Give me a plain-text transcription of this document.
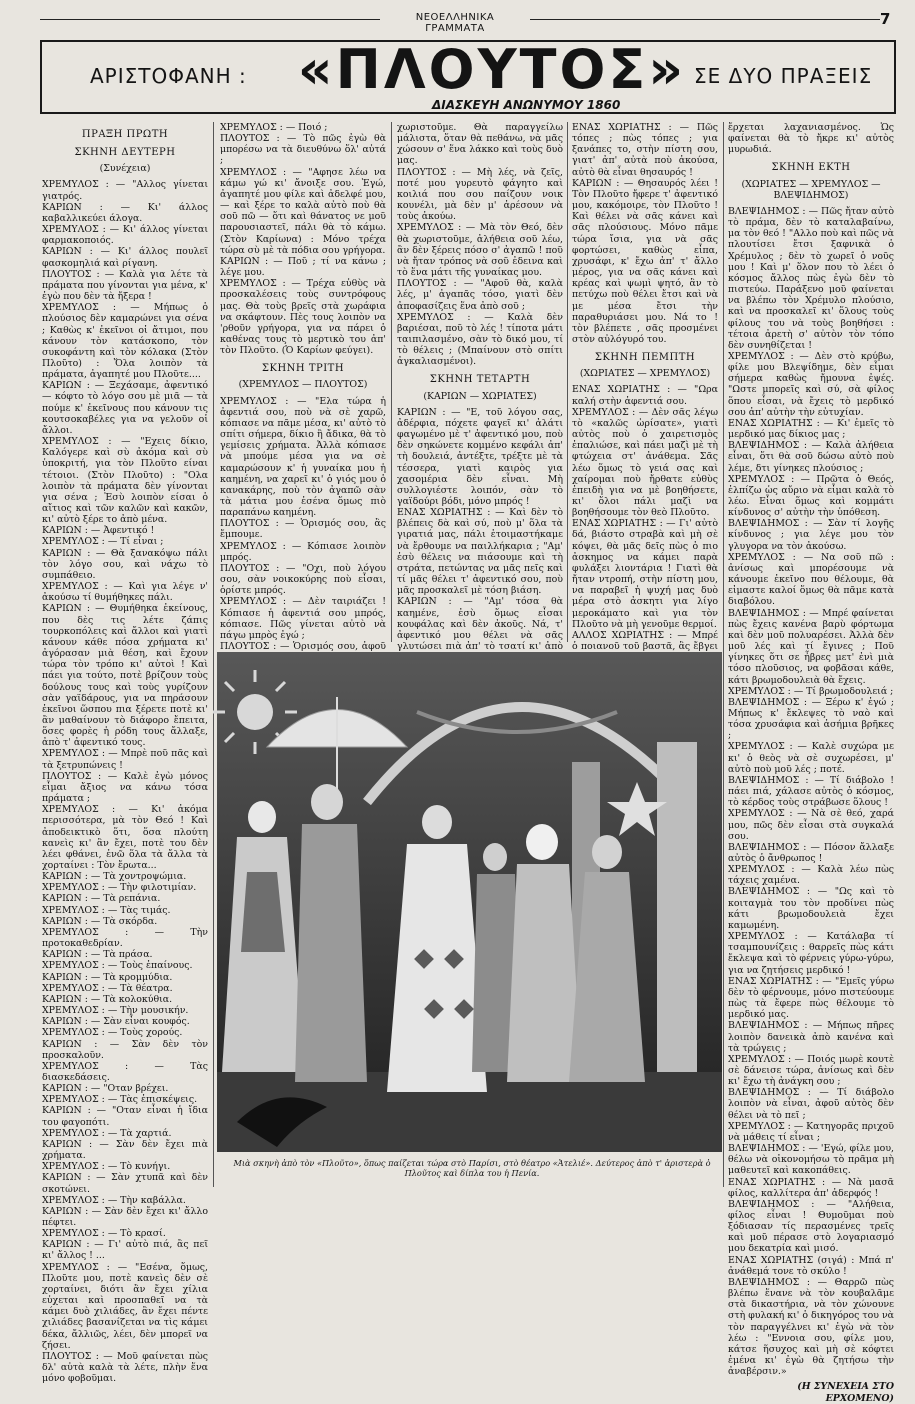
ΝΕΟΕΛΛΗΝΙΚΑ ΓΡΑΜΜΑΤΑ
7
ΑΡΙΣΤΟΦΑΝΗ : «ΠΛΟΥΤΟΣ» ΣΕ ΔΥΟ ΠΡΑΞΕΙΣ
ΔΙΑΣΚΕΥΗ ΑΝΩΝΥΜΟΥ 1860
ΠΡΑΞΗ ΠΡΩΤΗ
ΣΚΗΝΗ ΔΕΥΤΕΡΗ
(Συνέχεια)

ΧΡΕΜΥΛΟΣ : — "Αλλος γίνεται γιατρός.

ΚΑΡΙΩΝ : — Κι' άλλος καβαλλικεύει άλογα.

ΧΡΕΜΥΛΟΣ : — Κι' άλλος γίνεται φαρμακοποιός.

ΚΑΡΙΩΝ : — Κι' άλλος πουλεῖ φασκομηλιά καὶ ρίγανη.

ΠΛΟΥΤΟΣ : — Καλὰ για λέτε τὰ πράματα που γίνονται για μένα, κ' ἐγὼ που δὲν τὰ ἤξερα !

ΧΡΕΜΥΛΟΣ : — Μήπως ὁ πλούσιος δὲν καμαρώνει για σένα ; Καθὼς κ' ἐκεῖνοι οἱ ἄτιμοι, που κάνουν τὸν κατάσκοπο, τὸν συκοφάντη καὶ τὸν κόλακα (Στὸν Πλοῦτο) : Ὅλα λοιπὸν τὰ πράματα, ἀγαπητέ μου Πλοῦτε....

ΚΑΡΙΩΝ : — Ξεχάσαμε, ἀφεντικό — κόφτο τὸ λόγο σου μὲ μιᾶ — τὰ πούμε κ' ἐκεῖνους που κάνουν τις κουτσοκαβέλες για να γελοῦν οἱ ἄλλοι.

ΧΡΕΜΥΛΟΣ : — "Εχεις δίκιο, Καλόγερε καὶ σὺ ἀκόμα καὶ σὺ ὑποκριτή, για τὸν Πλοῦτο είναι τέτοιοι. (Στὸν Πλοῦτο) : "Ολα λοιπὸν τὰ πράματα δὲν γίνονται για σένα ; Ἐσὺ λοιπὸν είσαι ὁ αἴτιος καὶ τῶν καλῶν καὶ κακῶν, κι' αὐτὸ ξέρε το ἀπὸ μένα.

ΚΑΡΙΩΝ : — Ἀφεντικό !

ΧΡΕΜΥΛΟΣ : — Τί εἶναι ;

ΚΑΡΙΩΝ : — Θὰ ξανακόψω πάλι τὸν λόγο σου, καὶ νάχω τὸ συμπάθειο.

ΧΡΕΜΥΛΟΣ : — Καὶ για λέγε ν' ἀκούσω τί θυμήθηκες πάλι.

ΚΑΡΙΩΝ : — Θυμήθηκα ἐκείνους, που δὲς τις λέτε ζάπις τουρκοπόλεις καὶ ἄλλοι καὶ γιατὶ κάνουν κάθε πόσα χρήματα κι' ἀγόρασαν μιὰ θέση, καὶ ἔχουν τώρα τὸν τρόπο κι' αὐτοὶ ! Καὶ πάει για τούτο, ποτὲ βρίζουν τοὺς δούλους τους καὶ τοὺς γυρίζουν σὰν γαϊδάρους, για να πηράσουν ἐκεῖνοι ὥσπου πια ξέρετε ποτὲ κι' ἂν μαθαίνουν τὸ διάφορο ἔπειτα, ὅσες φορὲς ἡ ρόδη τους ἄλλαξε, ἀπὸ τ' ἀφεντικό τους.

ΧΡΕΜΥΛΟΣ : — Μπρὲ ποῦ πᾶς καὶ τὰ ξετρυπώνεις !

ΠΛΟΥΤΟΣ : — Καλὲ ἐγὼ μόνος εἶμαι ἄξιος να κάνω τόσα πράματα ;

ΧΡΕΜΥΛΟΣ : — Κι' ἀκόμα περισσότερα, μὰ τὸν Θεό ! Καὶ ἀποδεικτικὸ ὅτι, ὅσα πλούτη κανεὶς κι' ἂν ἔχει, ποτὲ του δὲν λέει φθάνει, ἐνῶ ὅλα τὰ ἄλλα τὰ χορταίνει : Τὸν ἔρωτα...

ΚΑΡΙΩΝ : — Τὰ χοντροψώμια.

ΧΡΕΜΥΛΟΣ : — Τὴν φιλοτιμίαν.

ΚΑΡΙΩΝ : — Τὰ ρεπάνια.

ΧΡΕΜΥΛΟΣ : — Τὰς τιμάς.

ΚΑΡΙΩΝ : — Τὰ σκόρδα.

ΧΡΕΜΥΛΟΣ : — Τὴν προτοκαθεδρίαν.

ΚΑΡΙΩΝ : — Τὰ πράσα.

ΧΡΕΜΥΛΟΣ : — Τοὺς ἐπαίνους.

ΚΑΡΙΩΝ : — Τὰ κρομμύδια.

ΧΡΕΜΥΛΟΣ : — Τὰ θέατρα.

ΚΑΡΙΩΝ : — Τὰ κολοκύθια.

ΧΡΕΜΥΛΟΣ : — Τὴν μουσικήν.

ΚΑΡΙΩΝ : — Σὰν εἶναι κουφός.

ΧΡΕΜΥΛΟΣ : — Τοὺς χορούς.

ΚΑΡΙΩΝ : — Σὰν δὲν τὸν προσκαλοῦν.

ΧΡΕΜΥΛΟΣ : — Τὰς διασκεδάσεις.

ΚΑΡΙΩΝ : — "Οταν βρέχει.

ΧΡΕΜΥΛΟΣ : — Τὰς ἐπισκέψεις.

ΚΑΡΙΩΝ : — "Οταν εἶναι ἡ ἴδια του φαγοπότι.

ΧΡΕΜΥΛΟΣ : — Τὰ χαρτιά.

ΚΑΡΙΩΝ : — Σὰν δὲν ἔχει πιὰ χρήματα.

ΧΡΕΜΥΛΟΣ : — Τὸ κυνήγι.

ΚΑΡΙΩΝ : — Σὰν χτυπᾶ καὶ δὲν σκοτώνει.

ΧΡΕΜΥΛΟΣ : — Τὴν καβάλλα.

ΚΑΡΙΩΝ : — Σὰν δὲν ἔχει κι' ἄλλο πέφτει.

ΧΡΕΜΥΛΟΣ : — Τὸ κρασί.

ΚΑΡΙΩΝ : — Γι' αὐτὸ πιά, ἂς πεῖ κι' ἄλλος ! ...

ΧΡΕΜΥΛΟΣ : — "Εσένα, ὅμως, Πλοῦτε μου, ποτὲ κανεὶς δὲν σὲ χορταίνει, διότι ἂν ἔχει χίλια εὐχεται καὶ προσπαθεῖ να τὰ κάμει δυὸ χιλιάδες, ἂν ἔχει πέντε χιλιάδες βασανίζεται να τὶς κάμει δέκα, ἄλλιῶς, λέει, δὲν μπορεῖ να ζήσει.

ΠΛΟΥΤΟΣ : — Μοῦ φαίνεται πὼς δλ' αὐτὰ καλὰ τὰ λέτε, πλὴν ἕνα μόνο φοβοῦμαι.

ΧΡΕΜΥΛΟΣ : — Ποιό ;

ΠΛΟΥΤΟΣ : — Τὸ πῶς ἐγὼ θὰ μπορέσω να τὰ διευθύνω ὅλ' αὐτά ;

ΧΡΕΜΥΛΟΣ : — "Αφησε λέω να κάμω γώ κι' ἄνοιξε σου. Ἐγώ, ἀγαπητέ μου φίλε καὶ ἀδελφέ μου, — καὶ ξέρε το καλὰ αὐτὸ ποὺ θὰ σοῦ πῶ — ὅτι καὶ θάνατος νε μοῦ παρουσιαστεῖ, πάλι θὰ τὸ κάμω. (Στὸν Καρίωνα) : Μόνο τρέχα τώρα σὺ μὲ τὰ πόδια σου γρήγορα.

ΚΑΡΙΩΝ : — Ποῦ ; τί να κάνω ; λέγε μου.

ΧΡΕΜΥΛΟΣ : — Τρέχα εὐθὺς νὰ προσκαλέσεις τοὺς συντρόφους μας. Θὰ τοὺς βρεῖς στὰ χωράφια να σκάφτουν. Πὲς τους λοιπὸν να 'ρθοῦν γρήγορα, για να πάρει ὁ καθένας τους τὸ μερτικὸ του ἀπ' τὸν Πλοῦτο. (Ὁ Καρίων φεύγει).

ΣΚΗΝΗ ΤΡΙΤΗ
(ΧΡΕΜΥΛΟΣ — ΠΛΟΥΤΟΣ)

ΧΡΕΜΥΛΟΣ : — "Ελα τώρα ἡ ἀφεντιά σου, ποὺ νὰ σὲ χαρῶ, κόπιασε να πᾶμε μέσα, κι' αὐτὸ τὸ σπίτι σήμερα, δίκιο ἢ ἄδικα, θὰ τὸ γεμίσεις χρήματα. Ἀλλὰ κόπιασε νὰ μπούμε μέσα για να σὲ καμαρώσουν κ' ἡ γυναίκα μου ἡ καημένη, να χαρεῖ κι' ὁ γιός μου ὁ κανακάρης, ποὺ τὸν ἀγαπῶ σὰν τὰ μάτια μου ἐσένα ὅμως πιὸ παραπάνω καημένη.

ΠΛΟΥΤΟΣ : — Ὁρισμός σου, ἂς ἔμπουμε.

ΧΡΕΜΥΛΟΣ : — Κόπιασε λοιπὸν μπρός.

ΠΛΟΥΤΟΣ : — "Οχι, ποὺ λόγου σου, σὰν νοικοκύρης ποὺ εἶσαι, ὁρίστε μπρός.

ΧΡΕΜΥΛΟΣ : — Δὲν ταιριάζει ! Κόπιασε ἡ ἀφεντιά σου μπρός, κόπιασε. Πῶς γίνεται αὐτὸ νὰ πάγω μπρὸς ἐγώ ;

ΠΛΟΥΤΟΣ : — Ὁρισμός σου, ἀφοῦ

χωριστοῦμε. Θὰ παραγγείλω μάλιστα, ὅταν θὰ πεθάνω, νὰ μᾶς χώσουν σ' ἕνα λάκκο καὶ τοὺς δυὸ μας.

ΠΛΟΥΤΟΣ : — Μὴ λές, νὰ ζεῖς, ποτέ μου γυρευτὸ φάγητο καὶ κοιλιά που σου παίζουν νοικ κουνέλι, μὰ δὲν μ' ἀρέσουν νὰ τοὺς ἀκούω.

ΧΡΕΜΥΛΟΣ : — Μὰ τὸν Θεό, δὲν θὰ χωριστοῦμε, ἀλήθεια σοῦ λέω, ἂν δὲν ξέρεις πόσο σ' ἀγαπῶ ! ποῦ νὰ ἤταν τρόπος νὰ σοῦ ἐδεινα καὶ τὸ ἕνα μάτι τῆς γυναίκας μου.

ΠΛΟΥΤΟΣ : — "Αφοῦ θὰ, καλὰ λές, μ' ἀγαπᾶς τόσο, γιατὶ δὲν ἀποφασίζεις ἕνα ἀπὸ σοῦ ;

ΧΡΕΜΥΛΟΣ : — Καλὰ δὲν βαριέσαι, ποῦ τὸ λές ! τίποτα μάτι ταιπιλασμένο, σὰν τὸ δικό μου, τί τὸ θέλεις ; (Μπαίνουν στὸ σπίτι ἀγκαλιασμένοι).

ΣΚΗΝΗ ΤΕΤΑΡΤΗ
(ΚΑΡΙΩΝ — ΧΩΡΙΑΤΕΣ)

ΚΑΡΙΩΝ : — "Ε, τοῦ λόγου σας, ἀδέρφια, πόχετε φαγεῖ κι' ἀλάτι φαγωμένο μὲ τ' ἀφεντικό μου, ποὺ δὲν σηκώνετε κομμένο κεφάλι ἀπ' τὴ δουλειά, ἀντέξτε, τρέξτε μὲ τὰ τέσσερα, γιατὶ καιρὸς για χασομέρια δὲν εἶναι. Μὴ συλλογιέστε λοιπόν, σὰν τὸ γαϊδούρι βόδι, μόνο μπρός !

ΕΝΑΣ ΧΩΡΙΑΤΗΣ : — Καὶ δὲν τὸ βλέπεις δὰ καὶ σύ, ποὺ μ' ὅλα τὰ γιρατιά μας, πάλι ἑτοιμαστήκαμε νὰ ἔρθουμε να παιλλήκαρια ; "Αμ' ἐσὺ θέλεις να πιάσουμε καὶ τὴ στράτα, πετώντας να μᾶς πεῖς καὶ τί μᾶς θέλει τ' ἀφεντικό σου, ποὺ μᾶς προσκαλεῖ μὲ τόση βιάση.

ΚΑΡΙΩΝ : — "Αμ' τόσα θὰ καημένε, ἐσὺ ὅμως εἶσαι κουφάλας καὶ δὲν ἀκοῦς. Νά, τ' ἀφεντικό μου θέλει νὰ σᾶς γλυτώσει πιὰ ἀπ' τὸ τσατί κι' ἀπὸ

ΕΝΑΣ ΧΩΡΙΑΤΗΣ : — Πῶς τόπες ; πὼς τόπες ; για ξανάπες το, στὴν πίστη σου, γιατ' ἀπ' αὐτὰ ποὺ ἀκούσα, αὐτὸ θὰ εἶναι θησαυρός !

ΚΑΡΙΩΝ : — Θησαυρός λέει ! Τὸν Πλοῦτο ἤφερε τ' ἀφεντικό μου, κακόμοιρε, τὸν Πλοῦτο ! Καὶ θέλει νὰ σᾶς κάνει καὶ σᾶς πλούσιους. Μόνο πᾶμε τώρα ἴσια, για νὰ σᾶς φορτώσει, καθὼς εἶπα, χρυσάφι, κ' ἔχω ἀπ' τ' ἄλλο μέρος, για να σᾶς κάνει καὶ κρέας καὶ ψωμὶ ψητό, ἂν τὸ πετύχω ποὺ θέλει ἔτσι καὶ νὰ με μέσα ἔτσι τὴν παραθυριάσει μου. Νά το ! τὸν βλέπετε , σᾶς προσμένει στὸν αὐλόγυρό του.

ΣΚΗΝΗ ΠΕΜΠΤΗ
(ΧΩΡΙΑΤΕΣ — ΧΡΕΜΥΛΟΣ)

ΕΝΑΣ ΧΩΡΙΑΤΗΣ : — "Ωρα καλή στὴν ἀφεντιά σου.

ΧΡΕΜΥΛΟΣ : — Δὲν σᾶς λέγω τὸ «καλῶς ὡρίσατε», γιατὶ αὐτὸς ποὺ ὁ χαιρετισμὸς ἐπαλιώσε, καὶ πάει μαζὶ μὲ τὴ φτώχεια στ' ἀνάθεμα. Σᾶς λέω ὅμως τὸ γειά σας καὶ χαίρομαι ποὺ ἤρθατε εὐθὺς ἐπειδὴ για να μὲ βοηθήσετε, κι' ὅλοι πάλι μαζὶ να βοηθήσουμε τὸν θεὸ Πλοῦτο.

ΕΝΑΣ ΧΩΡΙΑΤΗΣ : — Γι' αὐτὸ δά, βιάστο στραβὰ καὶ μὴ σὲ κόψει, θὰ μᾶς δεῖς πὼς ὁ πιο ἀσκημος να κάμει παρὰ φυλάξει λιοντάρια ! Γιατὶ θὰ ἤταν ντροπή, στὴν πίστη μου, να παραβεῖ ἡ ψυχή μας δυὸ μέρα στὸ ἀσκητι για λίγο μεροκάματο καὶ για τὸν Πλοῦτο νὰ μὴ γενοῦμε θερμοί.

ΑΛΛΟΣ ΧΩΡΙΑΤΗΣ : — Μπρέ ὁ ποιανοῦ τοῦ βαστᾶ, ἂς ἔβγει

ἔρχεται λαχανιασμένος. Ὡς φαίνεται θὰ τὸ ἤκρε κι' αὐτὸς μυρωδιά.

ΣΚΗΝΗ ΕΚΤΗ
(ΧΩΡΙΑΤΕΣ — ΧΡΕΜΥΛΟΣ — ΒΛΕΨΙΔΗΜΟΣ)

ΒΛΕΨΙΔΗΜΟΣ : — Πῶς ἤταν αὐτὸ τὸ πράμα, δὲν τὸ καταλαβαίνω, μα τὸν θεό ! "Αλλο ποὺ καὶ πῶς νὰ πλουτίσει ἔτσι ξαφνικὰ ὁ Χρέμυλος ; δὲν τὸ χωρεῖ ὁ νοῦς μου ! Καὶ μ' ὅλον που τὸ λέει ὁ κόσμος ἄλλος πὼς ἐγὼ δὲν τὸ πιστεύω. Παράξενο μοῦ φαίνεται να βλέπω τὸν Χρέμυλο πλούσιο, καὶ να προσκαλεῖ κι' ὅλους τοὺς φίλους του νὰ τοὺς βοηθήσει : τέτοια ἀρετὴ σ' αὐτὸν τὸν τόπο δὲν συνηθίζεται !

ΧΡΕΜΥΛΟΣ : — Δὲν στὸ κρύβω, φίλε μου Βλεψίδημε, δὲν εἶμαι σήμερα καθὼς ἤμουνα ἐψές. "Ωστε μπορεῖς καὶ σύ, σὰ φίλος ὅπου εἶσαι, νὰ ἔχεις τὸ μερδικό σου ἀπ' αὐτὴν τὴν εὐτυχίαν.

ΕΝΑΣ ΧΩΡΙΑΤΗΣ : — Κι' ἐμεῖς τὸ μερδικό μας δίκιος μας ;

ΒΛΕΨΙΔΗΜΟΣ : — Καλὰ ἀλήθεια εἶναι, ὅτι θὰ σοῦ δώσω αὐτὸ ποὺ λέμε, δτι γίνηκες πλούσιος ;

ΧΡΕΜΥΛΟΣ : — Πρῶτα ὁ Θεός, ἐλπίζω ὡς αὔριο νὰ εἶμαι καλὰ τὸ λέω. Εἶναι ὅμως καὶ κομμάτι κίνδυνος σ' αὐτὴν τὴν ὑπόθεση.

ΒΛΕΨΙΔΗΜΟΣ : — Σὰν τί λογῆς κίνδυνος ; για λέγε μου τὸν γλυγορα να τὸν ἀκούσω.

ΧΡΕΜΥΛΟΣ : — Να σοῦ πῶ : ἀνίσως καὶ μπορέσουμε νὰ κάνουμε ἐκεῖνο που θέλουμε, θὰ εἰμαστε καλοί ὅμως θὰ πᾶμε κατὰ διαβόλου.

ΒΛΕΨΙΔΗΜΟΣ : — Μπρέ φαίνεται πὼς ἔχεις κανένα βαρὺ φόρτωμα καὶ δὲν μοῦ πολυαρέσει. Ἀλλὰ δὲν μοῦ λές καὶ τί ἔγινες ; Ποῦ γίνηκες ὅτι σε ἦβρες μετ' ἐνὶ μιὰ τόσο πλοῦσιος, να φοβᾶσαι κάθε, κάτι βρωμοδουλειὰ θὰ ἔχεις.

ΧΡΕΜΥΛΟΣ : — Τί βρωμοδουλειά ;

ΒΛΕΨΙΔΗΜΟΣ : — Ξέρω κ' ἐγώ ; Μήπως κ' ἔκλεψες τὸ ναὸ καὶ τόσα χρυσάφια καὶ ἀσήμια βρῆκες ;

ΧΡΕΜΥΛΟΣ : — Καλὲ συχώρα με κι' ὁ θεὸς νὰ σὲ συχωρέσει, μ' αὐτὸ ποὺ μοῦ λές ; ποτέ.

ΒΛΕΨΙΔΗΜΟΣ : — Τί διάβολο ! πάει πιά, χάλασε αὐτὸς ὁ κόσμος, τὸ κέρδος τοὺς στράβωσε ὅλους !

ΧΡΕΜΥΛΟΣ : — Νὰ σὲ θεό, χαρά μου, πῶς δὲν εἶσαι στὰ συγκαλά σου.

ΒΛΕΨΙΔΗΜΟΣ : — Πόσον ἄλλαξε αὐτὸς ὁ ἄνθρωπος !

ΧΡΕΜΥΛΟΣ : — Καλὰ λέω πὼς τάχεις χαμένα.

ΒΛΕΨΙΔΗΜΟΣ : — "Ως καὶ τὸ κοιταγμὰ του τὸν προδίνει πὼς κάτι βρωμοδουλειὰ ἔχει καμωμένη.

ΧΡΕΜΥΛΟΣ : — Κατάλαβα τί τσαμπουνίζεις : θαρρεῖς πὼς κάτι ἔκλεψα καὶ τὸ φέρνεις γύρω-γύρω, για να ζητήσεις μερδικό !

ΕΝΑΣ ΧΩΡΙΑΤΗΣ : — "Εμεῖς γύρω δὲν τὸ φέρνουμε, μόνο πιστεύουμε πὼς τὰ ἔφερε πὼς θέλουμε τὸ μερδικό μας.

ΒΛΕΨΙΔΗΜΟΣ : — Μήπως πῆρες λοιπὸν δανεικὰ ἀπὸ κανένα καὶ τὰ τρώγεις ;

ΧΡΕΜΥΛΟΣ : — Ποιός μωρὲ κουτὲ σὲ δάνεισε τώρα, ἀνίσως καὶ δὲν κι' ἔχω τὴ ἀνάγκη σου ;

ΒΛΕΨΙΔΗΜΟΣ : — Τί διάβολο λοιπὸν νὰ εἶναι, ἀφοῦ αὐτὸς δὲν θέλει νὰ τὸ πεῖ ;

ΧΡΕΜΥΛΟΣ : — Κατηγορᾶς πριχοῦ νὰ μάθεις τί εἶναι ;

ΒΛΕΨΙΔΗΜΟΣ : — 'Εγώ, φίλε μου, θέλω νὰ οἰκονομήσω τὸ πρᾶμα μὴ μαθευτεῖ καὶ κακοπάθεις.

ΕΝΑΣ ΧΩΡΙΑΤΗΣ : — Νὰ μασᾶ φίλος, καλλίτερα ἀπ' ἀδερφός !

ΒΛΕΨΙΔΗΜΟΣ : — "Αλήθεια, φίλος εἶναι ! Θυμοῦμαι ποὺ ξόδιασαν τίς περασμένες τρεῖς καὶ μοῦ πέρασε στὸ λογαριασμό μου δεκατρία καὶ μισό.

ΕΝΑΣ ΧΩΡΙΑΤΗΣ (σιγά) : Μπά π' ἀνάθεμά τονε τὸ σκύλο !

ΒΛΕΨΙΔΗΜΟΣ : — Θαρρῶ πὼς βλέπω ἕνανε νὰ τὸν κουβαλᾶμε στὰ δικαστήρια, νὰ τὸν χώνουνε στὴ φυλακή κι' ὁ δικηγόρος του νὰ τὸν παραγγέλνει κι' ἐγὼ νὰ τὸν λέω : "Εννοια σου, φίλε μου, κάτσε ἥσυχος καὶ μὴ σὲ κόφτει ἐμένα κι' ἐγὼ θὰ ζητήσω τὴν ἀναβέρσιν.»

(Η ΣΥΝΕΧΕΙΑ ΣΤΟ ΕΡΧΟΜΕΝΟ)
Μιὰ σκηνὴ ἀπὸ τὸν «Πλοῦτο», ὅπως παίζεται τώρα στὸ Παρίσι, στὸ θέατρο «Ἀτελιέ». Δεύτερος ἀπὸ τ' ἀριστερὰ ὁ Πλοῦτος καὶ δίπλα του ἡ Πενία.
